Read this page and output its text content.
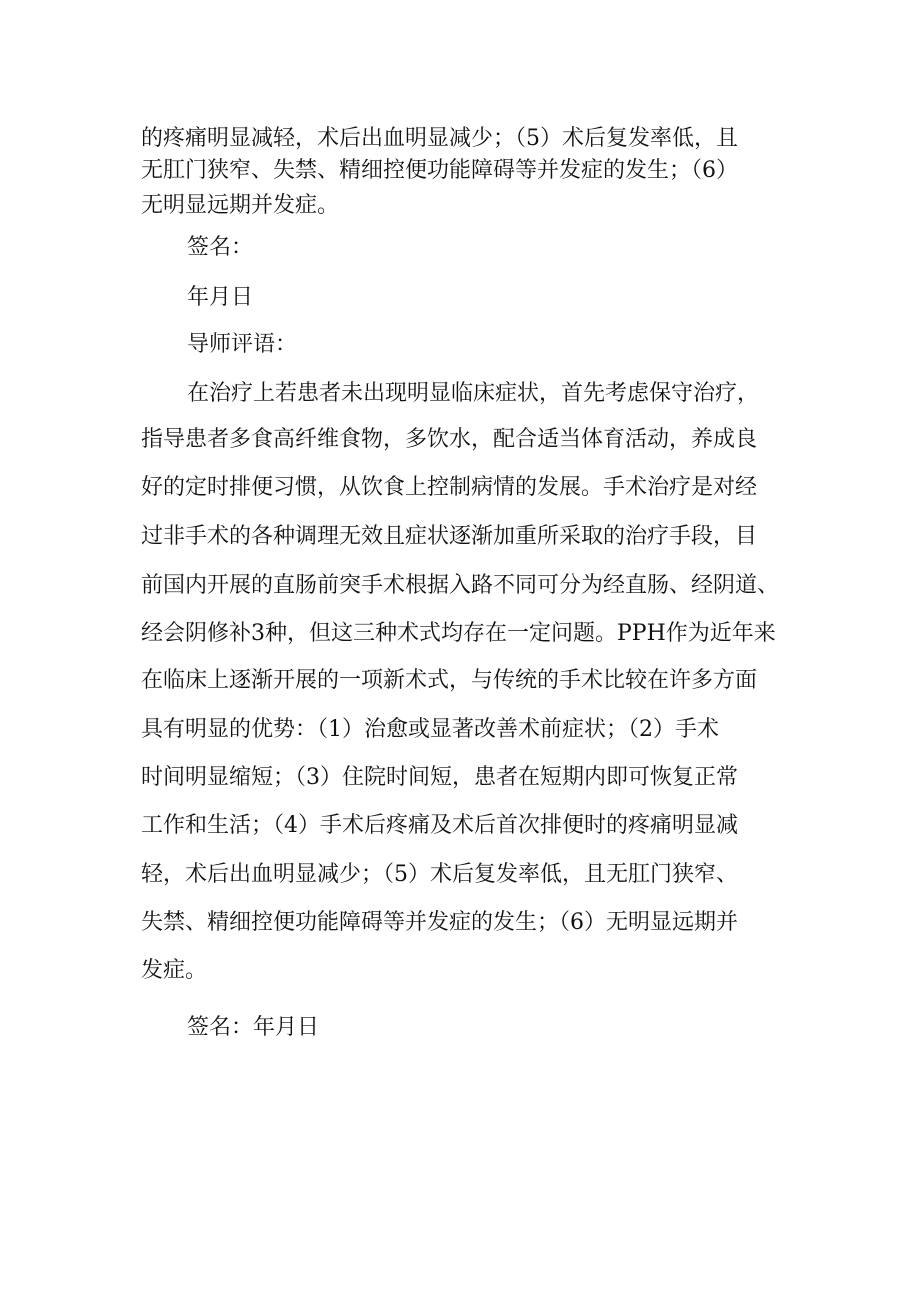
的疼痛明显减轻，术后出血明显减少；（5）术后复发率低，且
无肛门狭窄、失禁、精细控便功能障碍等并发症的发生；（6）
无明显远期并发症。
签名：
年月日
导师评语：
在治疗上若患者未出现明显临床症状，首先考虑保守治疗，
指导患者多食高纤维食物，多饮水，配合适当体育活动，养成良
好的定时排便习惯，从饮食上控制病情的发展。手术治疗是对经
过非手术的各种调理无效且症状逐渐加重所采取的治疗手段，目
前国内开展的直肠前突手术根据入路不同可分为经直肠、经阴道、
经会阴修补3种，但这三种术式均存在一定问题。PPH作为近年来
在临床上逐渐开展的一项新术式，与传统的手术比较在许多方面
具有明显的优势：（1）治愈或显著改善术前症状；（2）手术
时间明显缩短；（3）住院时间短，患者在短期内即可恢复正常
工作和生活；（4）手术后疼痛及术后首次排便时的疼痛明显减
轻，术后出血明显减少；（5）术后复发率低，且无肛门狭窄、
失禁、精细控便功能障碍等并发症的发生；（6）无明显远期并
发症。
签名：年月日
